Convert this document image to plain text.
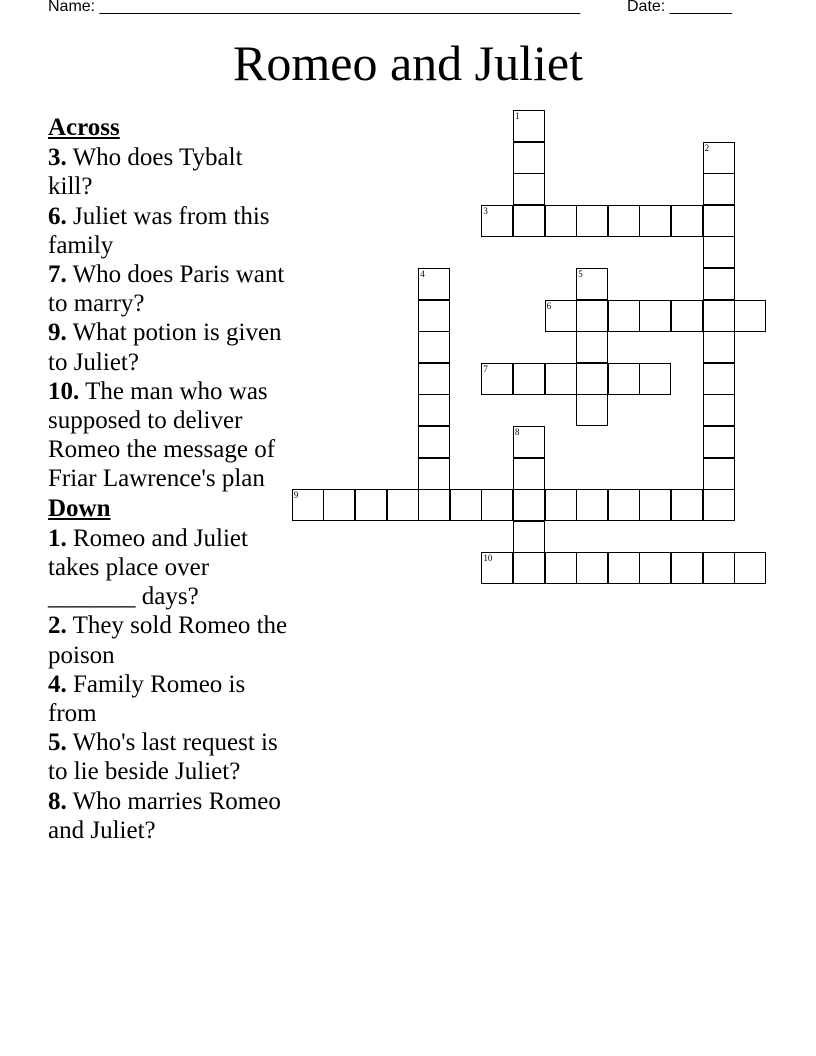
Name: ______________________________________________________	Date: _______
Romeo and Juliet
Across
3. Who does Tybalt kill?
6. Juliet was from this family
7. Who does Paris want to marry?
9. What potion is given to Juliet?
10. The man who was supposed to deliver Romeo the message of Friar Lawrence's plan
Down
1. Romeo and Juliet takes place over _______ days?
2. They sold Romeo the poison
4. Family Romeo is from
5. Who's last request is to lie beside Juliet?
8. Who marries Romeo and Juliet?
1
2
3
4	5
6
7
8
9
10
